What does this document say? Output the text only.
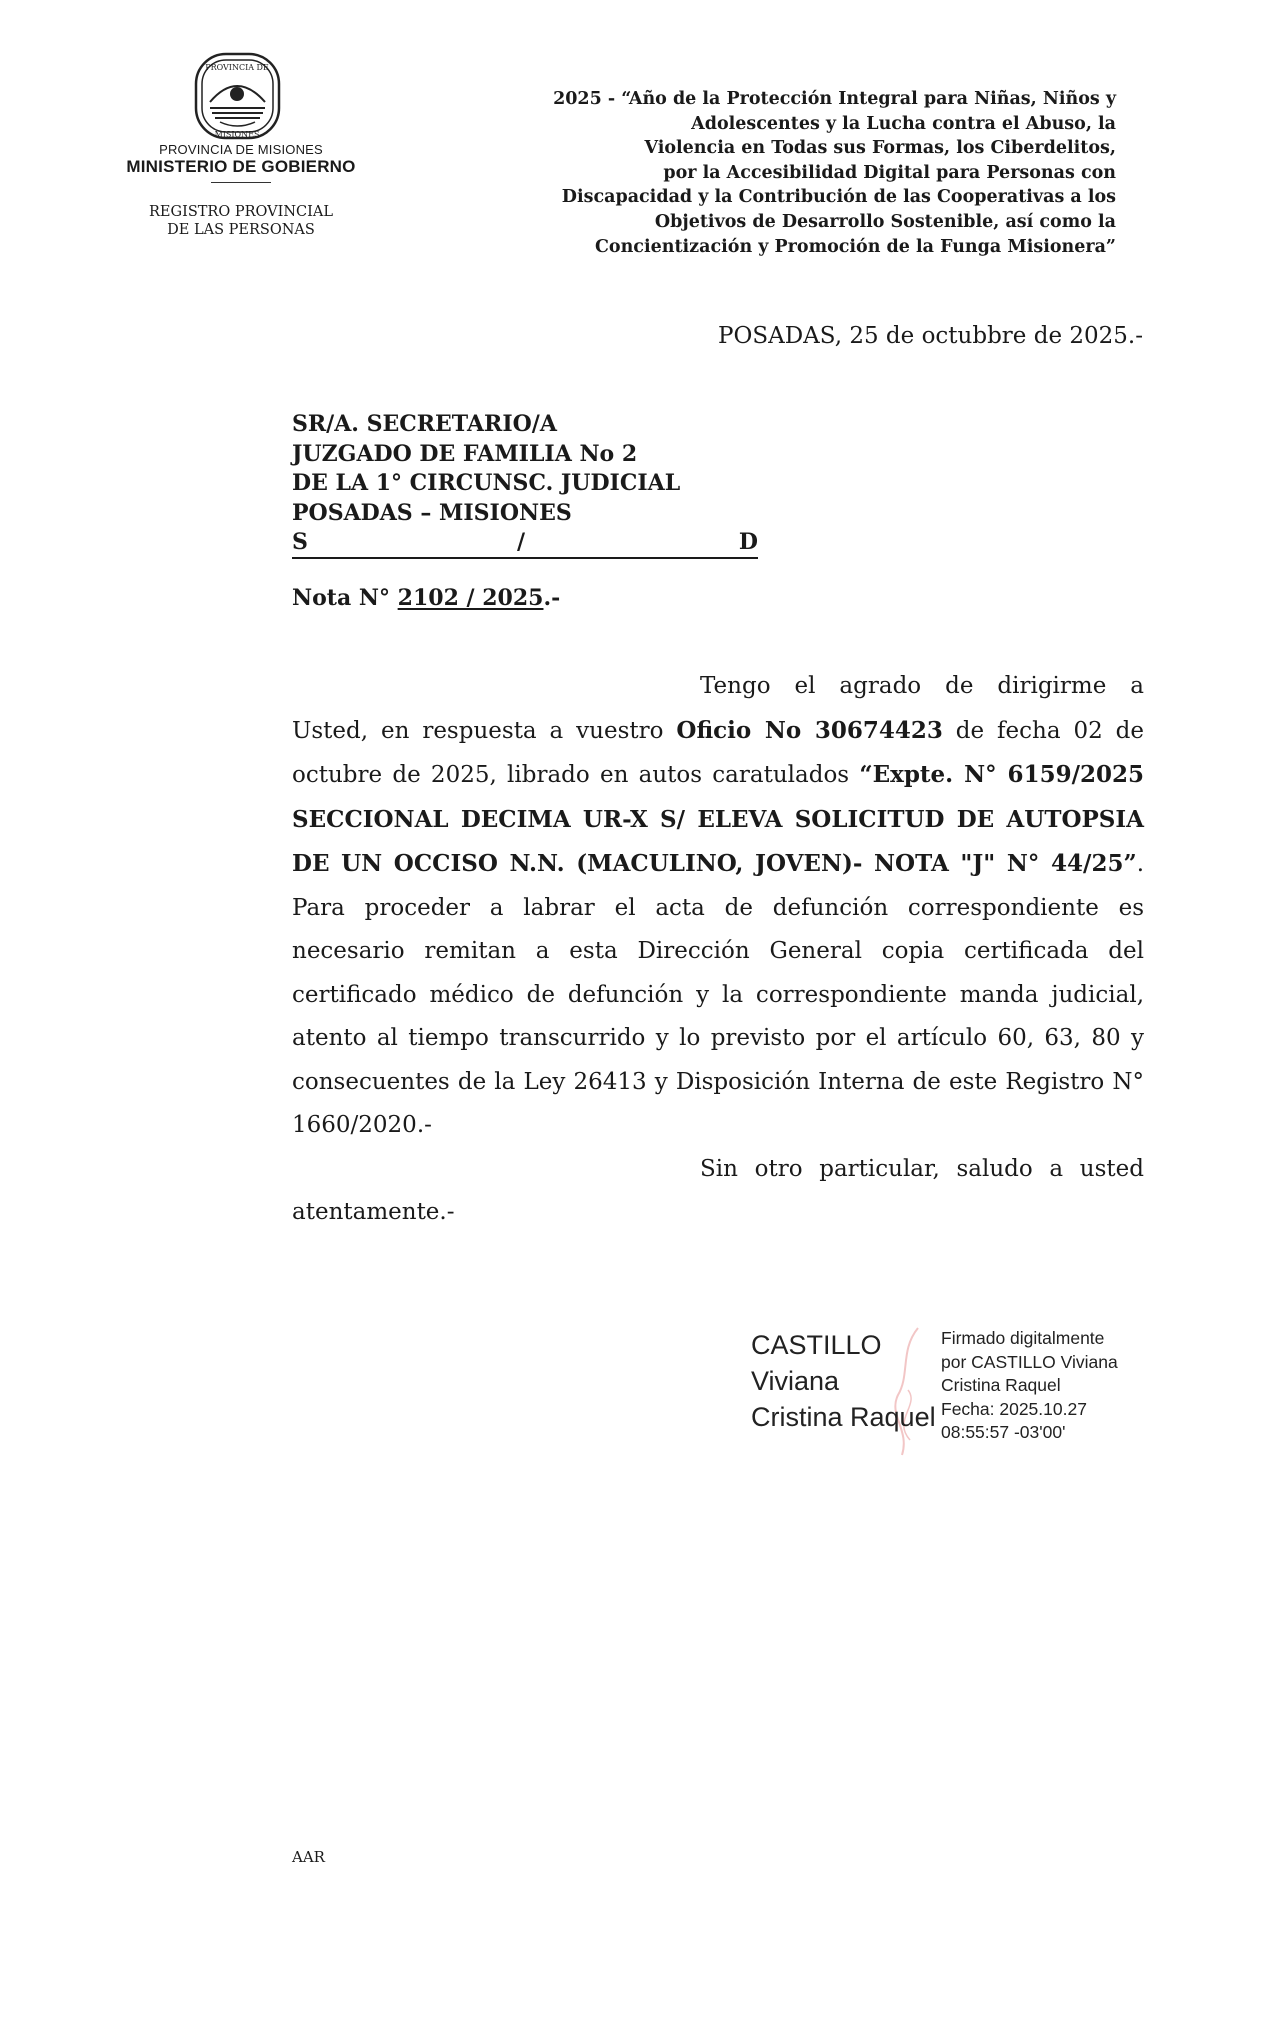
PROVINCIA DE
MISIONES
PROVINCIA DE MISIONES
MINISTERIO DE GOBIERNO
REGISTRO PROVINCIAL
DE LAS PERSONAS
2025 - “Año de la Protección Integral para Niñas, Niños y
Adolescentes y la Lucha contra el Abuso, la
Violencia en Todas sus Formas, los Ciberdelitos,
por la Accesibilidad Digital para Personas con
Discapacidad y la Contribución de las Cooperativas a los
Objetivos de Desarrollo Sostenible, así como la
Concientización y Promoción de la Funga Misionera”
POSADAS, 25 de octubbre de 2025.-
SR/A. SECRETARIO/A
JUZGADO DE FAMILIA No 2
DE LA 1° CIRCUNSC. JUDICIAL
POSADAS – MISIONES
S	/	D
Nota N° 2102 / 2025.-

Tengo el agrado de dirigirme a Usted, en respuesta a vuestro Oficio No 30674423 de fecha 02 de octubre de 2025, librado en autos caratulados “Expte. N° 6159/2025 SECCIONAL DECIMA UR-X S/ ELEVA SOLICITUD DE AUTOPSIA DE UN OCCISO N.N. (MACULINO, JOVEN)- NOTA "J" N° 44/25”. Para proceder a labrar el acta de defunción correspondiente es necesario remitan a esta Dirección General copia certificada del certificado médico de defunción y la correspondiente manda judicial, atento al tiempo transcurrido y lo previsto por el artículo 60, 63, 80 y consecuentes de la Ley 26413 y Disposición Interna de este Registro N° 1660/2020.-

Sin otro particular, saludo a usted atentamente.-

CASTILLO
Viviana
Cristina Raquel
Firmado digitalmente
por CASTILLO Viviana
Cristina Raquel
Fecha: 2025.10.27
08:55:57 -03'00'
AAR
